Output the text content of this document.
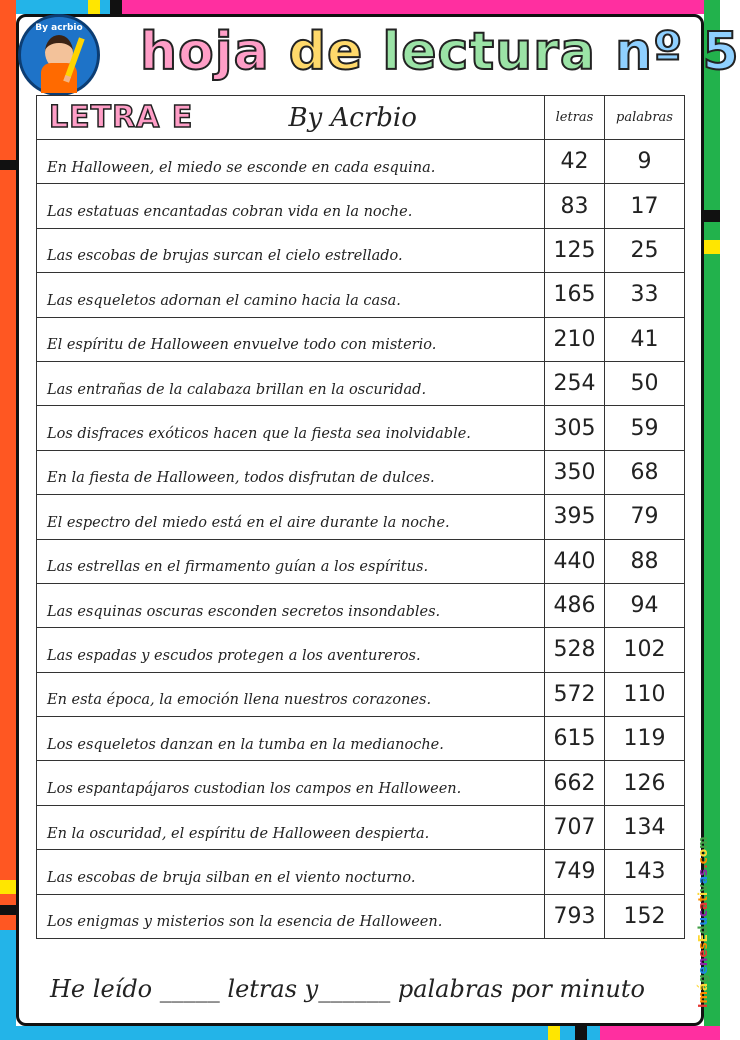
By acrbio hoja de lectura nº 5
LETRA E By Acrbio	letras	palabras
En Halloween, el miedo se esconde en cada esquina.	42	9
Las estatuas encantadas cobran vida en la noche.	83	17
Las escobas de brujas surcan el cielo estrellado.	125	25
Las esqueletos adornan el camino hacia la casa.	165	33
El espíritu de Halloween envuelve todo con misterio.	210	41
Las entrañas de la calabaza brillan en la oscuridad.	254	50
Los disfraces exóticos hacen que la fiesta sea inolvidable.	305	59
En la fiesta de Halloween, todos disfrutan de dulces.	350	68
El espectro del miedo está en el aire durante la noche.	395	79
Las estrellas en el firmamento guían a los espíritus.	440	88
Las esquinas oscuras esconden secretos insondables.	486	94
Las espadas y escudos protegen a los aventureros.	528	102
En esta época, la emoción llena nuestros corazones.	572	110
Los esqueletos danzan en la tumba en la medianoche.	615	119
Los espantapájaros custodian los campos en Halloween.	662	126
En la oscuridad, el espíritu de Halloween despierta.	707	134
Las escobas de bruja silban en el viento nocturno.	749	143
Los enigmas y misterios son la esencia de Halloween.	793	152
He leído _____ letras y______ palabras por minuto
ImágenesEducativas.com
